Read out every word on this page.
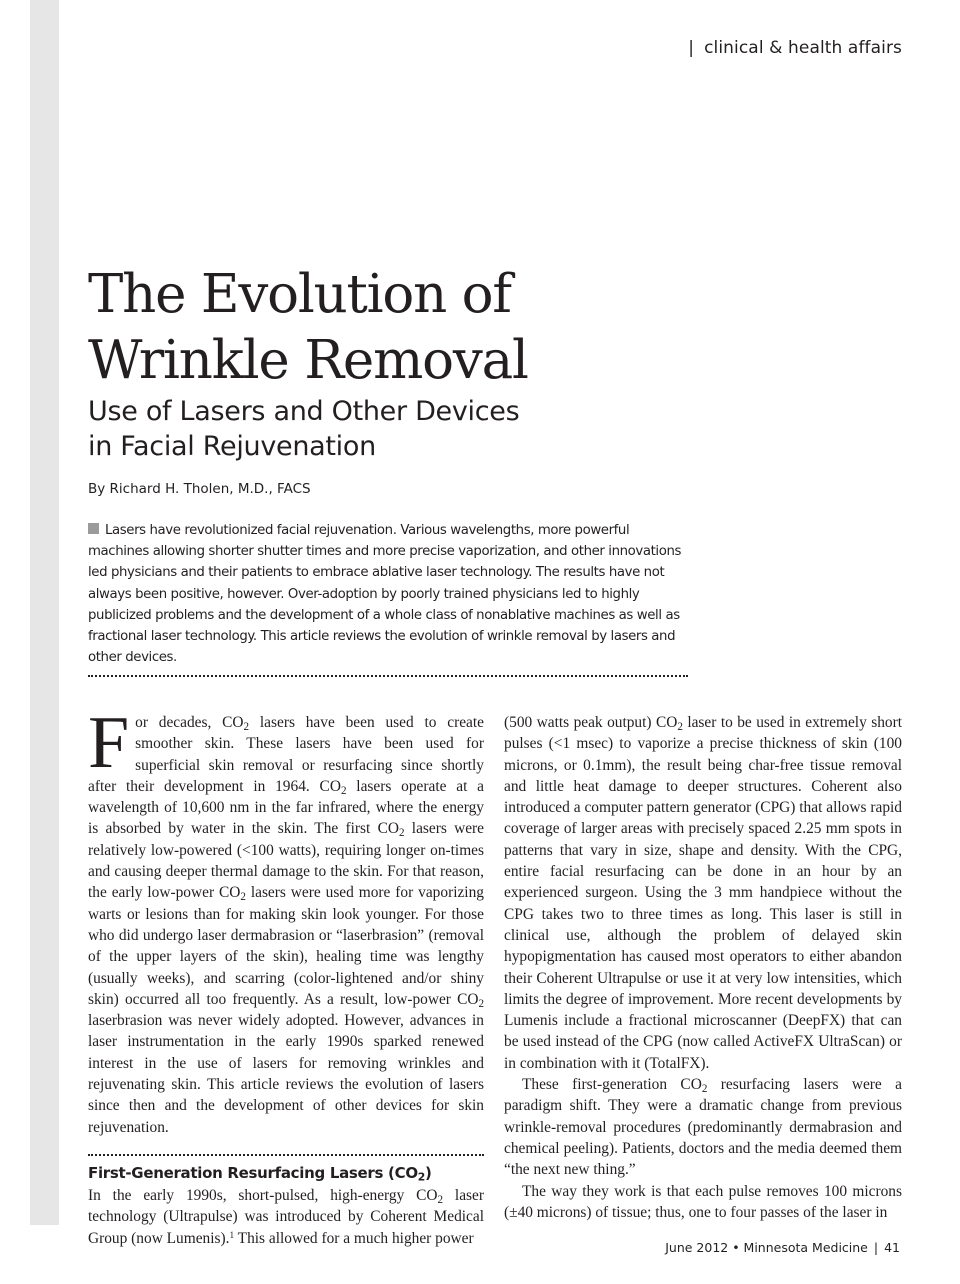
| clinical & health affairs
The Evolution of
Wrinkle Removal
Use of Lasers and Other Devices
in Facial Rejuvenation
By Richard H. Tholen, M.D., FACS

Lasers have revolutionized facial rejuvenation. Various wavelengths, more powerful machines allowing shorter shutter times and more precise vaporization, and other innovations led physicians and their patients to embrace ablative laser technology. The results have not always been positive, however. Over-adoption by poorly trained physicians led to highly publicized problems and the development of a whole class of nonablative machines as well as fractional laser technology. This article reviews the evolution of wrinkle removal by lasers and other devices.

For decades, $CO_2$ lasers have been used to create smoother skin. These lasers have been used for superficial skin removal or resurfacing since shortly after their development in 1964. $CO_2$ lasers operate at a wavelength of 10,600 nm in the far infrared, where the energy is absorbed by water in the skin. The first $CO_2$ lasers were relatively low-powered (<100 watts), requiring longer on-times and causing deeper thermal damage to the skin. For that reason, the early low-power $CO_2$ lasers were used more for vaporizing warts or lesions than for making skin look younger. For those who did undergo laser dermabrasion or “laserbrasion” (removal of the upper layers of the skin), healing time was lengthy (usually weeks), and scarring (color-lightened and/or shiny skin) occurred all too frequently. As a result, low-power $CO_2$ laserbrasion was never widely adopted. However, advances in laser instrumentation in the early 1990s sparked renewed interest in the use of lasers for removing wrinkles and rejuvenating skin. This article reviews the evolution of lasers since then and the development of other devices for skin rejuvenation.

First-Generation Resurfacing Lasers $(CO_2)$

In the early 1990s, short-pulsed, high-energy $CO_2$ laser technology (Ultrapulse) was introduced by Coherent Medical Group (now Lumenis).$^1$ This allowed for a much higher power

(500 watts peak output) $CO_2$ laser to be used in extremely short pulses (<1 msec) to vaporize a precise thickness of skin (100 microns, or 0.1mm), the result being char-free tissue removal and little heat damage to deeper structures. Coherent also introduced a computer pattern generator (CPG) that allows rapid coverage of larger areas with precisely spaced 2.25 mm spots in patterns that vary in size, shape and density. With the CPG, entire facial resurfacing can be done in an hour by an experienced surgeon. Using the 3 mm handpiece without the CPG takes two to three times as long. This laser is still in clinical use, although the problem of delayed skin hypopigmentation has caused most operators to either abandon their Coherent Ultrapulse or use it at very low intensities, which limits the degree of improvement. More recent developments by Lumenis include a fractional microscanner (DeepFX) that can be used instead of the CPG (now called ActiveFX UltraScan) or in combination with it (TotalFX).

These first-generation $CO_2$ resurfacing lasers were a paradigm shift. They were a dramatic change from previous wrinkle-removal procedures (predominantly dermabrasion and chemical peeling). Patients, doctors and the media deemed them “the next new thing.”

The way they work is that each pulse removes 100 microns (±40 microns) of tissue; thus, one to four passes of the laser in

June 2012 • Minnesota Medicine | 41
